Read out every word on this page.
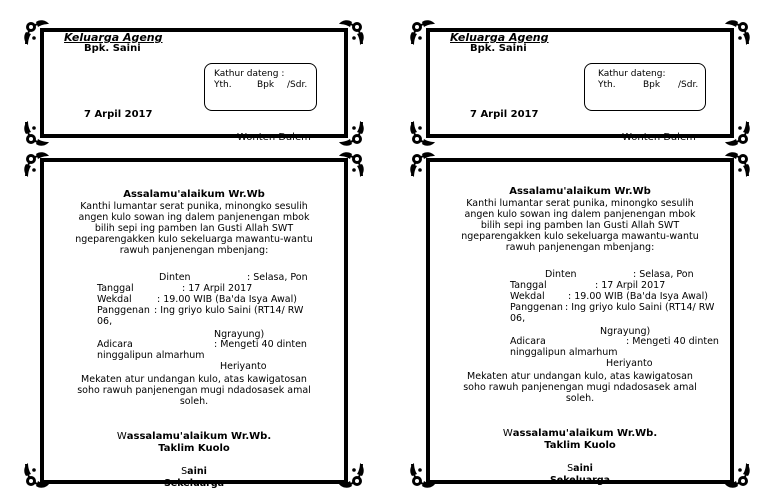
Keluarga Ageng
Bpk. Saini
Kathur dateng :
Yth.	Bpk /Sdr.
7 Arpil 2017
Wonten Dalem
Keluarga Ageng
Bpk. Saini
Kathur dateng:
Yth.	Bpk /Sdr.
7 Arpil 2017
Wonten Dalem
Assalamu'alaikum Wr.Wb
Kanthi lumantar serat punika, minongko sesulih
angen kulo sowan ing dalem panjenengan mbok
bilih sepi ing pamben lan Gusti Allah SWT
ngeparengakken kulo sekeluarga mawantu-wantu
rawuh panjenengan mbenjang:
Dinten	: Selasa, Pon
Tanggal	: 17 Arpil 2017
Wekdal	: 19.00 WIB (Ba'da Isya Awal)
Panggenan : Ing griyo kulo Saini (RT14/ RW
06,
Ngrayung)
Adicara	: Mengeti 40 dinten
ninggalipun almarhum
Heriyanto
Mekaten atur undangan kulo, atas kawigatosan
soho rawuh panjenengan mugi ndadosasek amal
soleh.
Wassalamu'alaikum Wr.Wb.
Taklim Kuolo
Saini
Sekeluarga
Assalamu'alaikum Wr.Wb
Kanthi lumantar serat punika, minongko sesulih
angen kulo sowan ing dalem panjenengan mbok
bilih sepi ing pamben lan Gusti Allah SWT
ngeparengakken kulo sekeluarga mawantu-wantu
rawuh panjenengan mbenjang:
Dinten	: Selasa, Pon
Tanggal	: 17 Arpil 2017
Wekdal : 19.00 WIB (Ba'da Isya Awal)
Panggenan : Ing griyo kulo Saini (RT14/ RW
06,
Ngrayung)
Adicara	: Mengeti 40 dinten
ninggalipun almarhum
Heriyanto
Mekaten atur undangan kulo, atas kawigatosan
soho rawuh panjenengan mugi ndadosasek amal
soleh.
Wassalamu'alaikum Wr.Wb.
Taklim Kuolo
Saini
Sekeluarga
